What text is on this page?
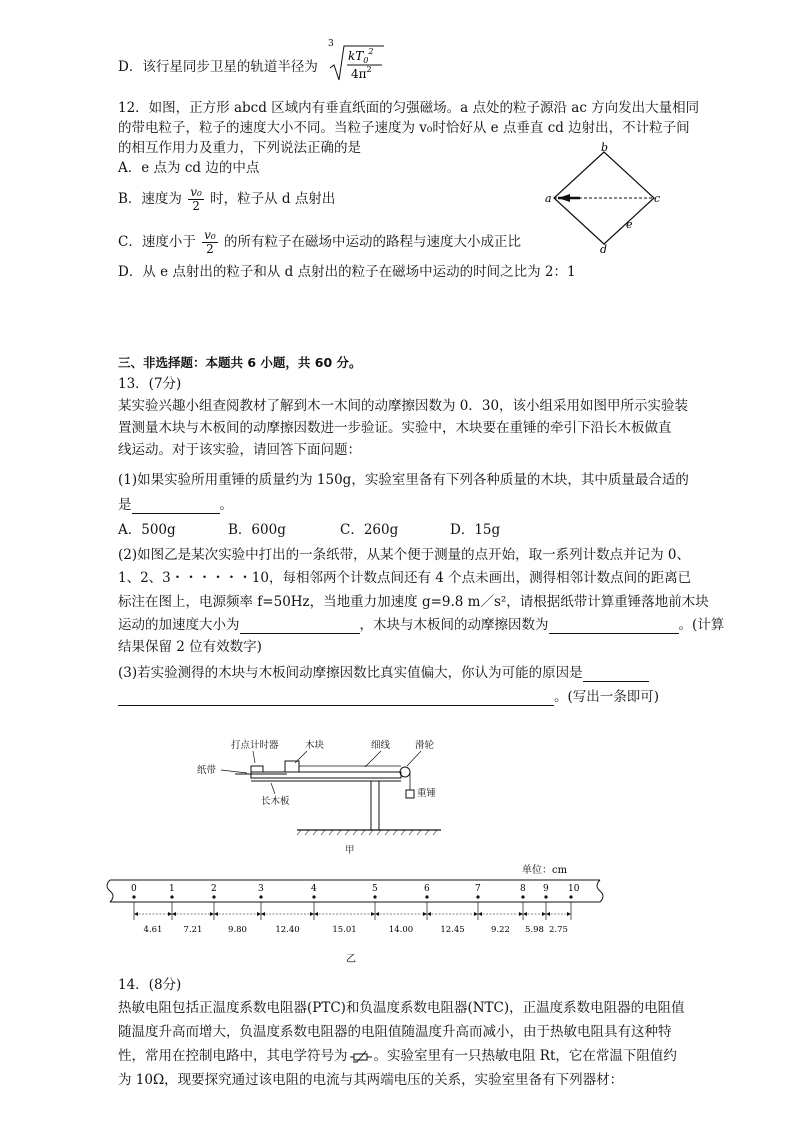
D．该行星同步卫星的轨道半径为
3
$kT_0^2$
$4\pi^2$
12．如图，正方形 abcd 区域内有垂直纸面的匀强磁场。a 点处的粒子源沿 ac 方向发出大量相同
的带电粒子，粒子的速度大小不同。当粒子速度为 v₀时恰好从 e 点垂直 cd 边射出，不计粒子间
的相互作用力及重力，下列说法正确的是
A．e 点为 cd 边的中点
B．速度为 $\frac{\text{v₀}}{2}$ 时，粒子从 d 点射出
C．速度小于 $\frac{\text{v₀}}{2}$ 的所有粒子在磁场中运动的路程与速度大小成正比
D．从 e 点射出的粒子和从 d 点射出的粒子在磁场中运动的时间之比为 2：1
b
a	c
d
e
三、非选择题：本题共 6 小题，共 60 分。
13．(7分)
某实验兴趣小组查阅教材了解到木一木间的动摩擦因数为 0．30，该小组采用如图甲所示实验装
置测量木块与木板间的动摩擦因数进一步验证。实验中，木块要在重锤的牵引下沿长木板做直
线运动。对于该实验，请回答下面问题：
(1)如果实验所用重锤的质量约为 150g，实验室里备有下列各种质量的木块，其中质量最合适的
是	。
A．500g	B．600g	C．260g	D．15g
(2)如图乙是某次实验中打出的一条纸带，从某个便于测量的点开始，取一系列计数点并记为 0、
1、2、3・・・・・・10，每相邻两个计数点间还有 4 个点未画出，测得相邻计数点间的距离已
标注在图上，电源频率 f=50Hz，当地重力加速度 g=9.8 m／s²，请根据纸带计算重锤落地前木块
运动的加速度大小为	，木块与木板间的动摩擦因数为	。(计算
结果保留 2 位有效数字)
(3)若实验测得的木块与木板间动摩擦因数比真实值偏大，你认为可能的原因是
。(写出一条即可)
打点计时器	木块	细线	滑轮
纸带
长木板
重锤
甲
单位：cm
0	1	2	3	4	5	6	7	8 9 10
4.61 7.21	9.80	12.40	15.01	14.00	12.45	9.22 5.98 2.75
乙
14．(8分)
热敏电阻包括正温度系数电阻器(PTC)和负温度系数电阻器(NTC)，正温度系数电阻器的电阻值
随温度升高而增大，负温度系数电阻器的电阻值随温度升高而减小，由于热敏电阻具有这种特
性，常用在控制电路中，其电学符号为 。实验室里有一只热敏电阻 Rt，它在常温下阻值约
为 10Ω，现要探究通过该电阻的电流与其两端电压的关系，实验室里备有下列器材：
